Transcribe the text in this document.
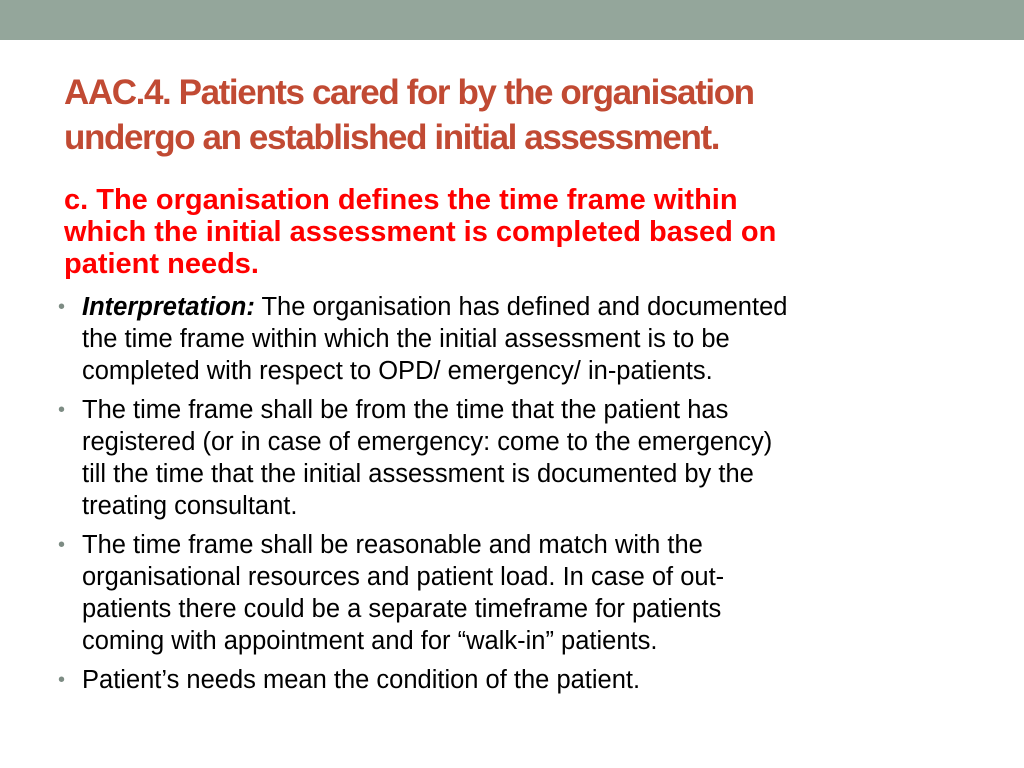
AAC.4. Patients cared for by the organisation
undergo an established initial assessment.
c. The organisation defines the time frame within
which the initial assessment is completed based on
patient needs.
• Interpretation: The organisation has defined and documented
the time frame within which the initial assessment is to be
completed with respect to OPD/ emergency/ in-patients.
• The time frame shall be from the time that the patient has
registered (or in case of emergency: come to the emergency)
till the time that the initial assessment is documented by the
treating consultant.
• The time frame shall be reasonable and match with the
organisational resources and patient load. In case of out-
patients there could be a separate timeframe for patients
coming with appointment and for “walk-in” patients.
• Patient’s needs mean the condition of the patient.
